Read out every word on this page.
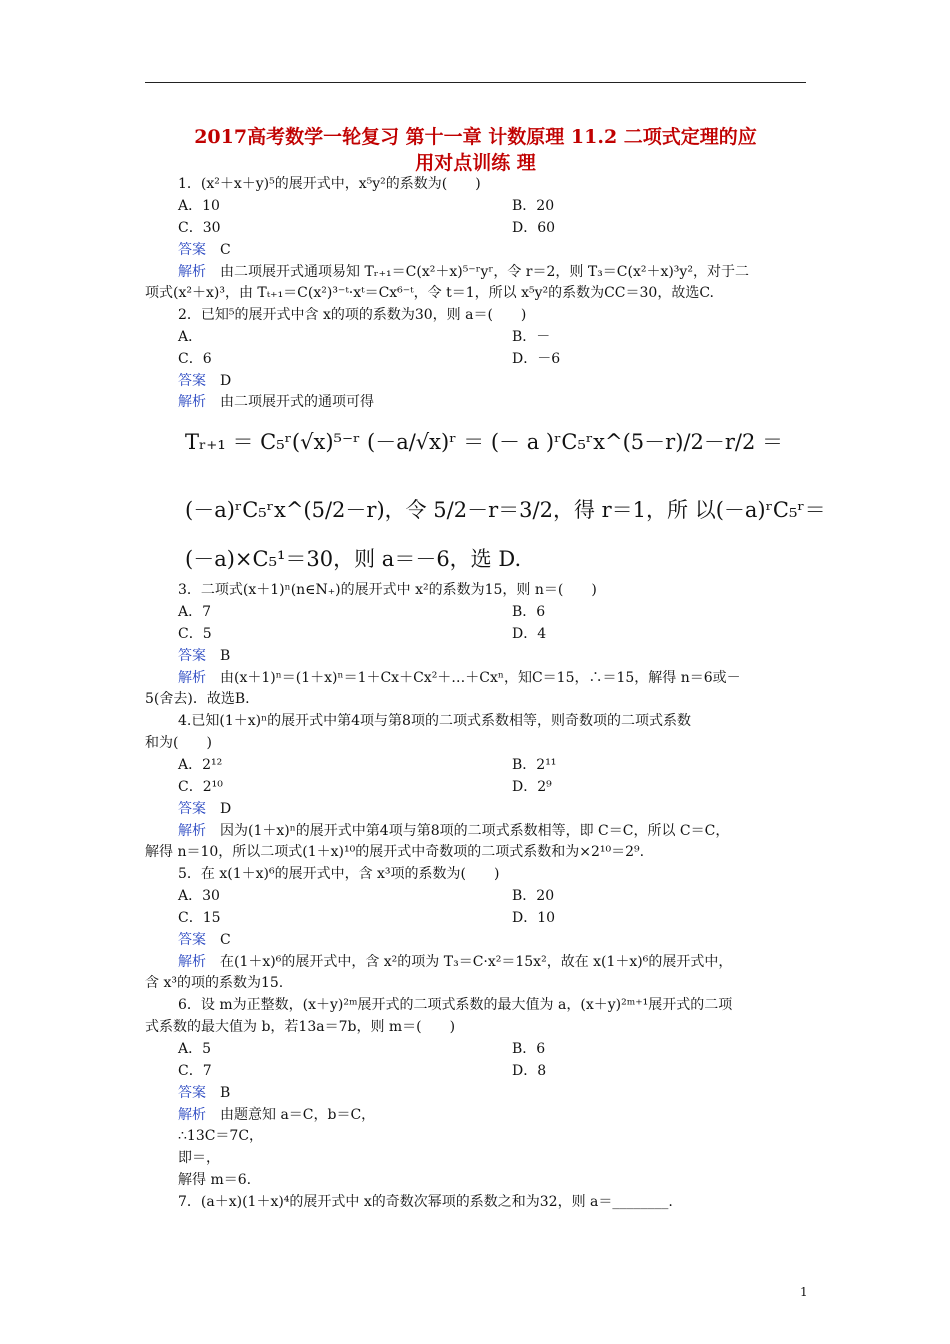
2017高考数学一轮复习 第十一章 计数原理 11.2 二项式定理的应
用对点训练 理
1．(x²＋x＋y)⁵的展开式中，x⁵y²的系数为(　　)
A．10	B．20
C．30	D．60
答案　 C
解析　 由二项展开式通项易知 Tᵣ₊₁＝C(x²＋x)⁵⁻ʳyʳ，令 r＝2，则 T₃＝C(x²＋x)³y²，对于二
项式(x²＋x)³，由 Tₜ₊₁＝C(x²)³⁻ᵗ·xᵗ＝Cx⁶⁻ᵗ，令 t＝1，所以 x⁵y²的系数为CC＝30，故选C.
2．已知⁵的展开式中含 x的项的系数为30，则 a＝(　　)
A．	B．－
C．6	D．－6
答案　 D
解析　 由二项展开式的通项可得
Tᵣ₊₁ ＝ C₅ʳ(√x)⁵⁻ʳ (－a/√x)ʳ ＝ (－ a )ʳC₅ʳx^(5－r)/2－r/2 ＝
(－a)ʳC₅ʳx^(5/2－r)，令 5/2－r＝3/2，得 r＝1，所 以(－a)ʳC₅ʳ＝
(－a)×C₅¹＝30，则 a＝－6，选 D.
3．二项式(x＋1)ⁿ(n∈N₊)的展开式中 x²的系数为15，则 n＝(　　)
A．7	B．6
C．5	D．4
答案　 B
解析　 由(x＋1)ⁿ＝(1＋x)ⁿ＝1＋Cx＋Cx²＋…＋Cxⁿ，知C＝15，∴＝15，解得 n＝6或－
5(舍去)．故选B.
4.已知(1＋x)ⁿ的展开式中第4项与第8项的二项式系数相等，则奇数项的二项式系数
和为(　　)
A．2¹²	B．2¹¹
C．2¹⁰	D．2⁹
答案　 D
解析　 因为(1＋x)ⁿ的展开式中第4项与第8项的二项式系数相等，即 C＝C，所以 C＝C，
解得 n＝10，所以二项式(1＋x)¹⁰的展开式中奇数项的二项式系数和为×2¹⁰＝2⁹.
5．在 x(1＋x)⁶的展开式中，含 x³项的系数为(　　)
A．30	B．20
C．15	D．10
答案　 C
解析　 在(1＋x)⁶的展开式中，含 x²的项为 T₃＝C·x²＝15x²，故在 x(1＋x)⁶的展开式中，
含 x³的项的系数为15.
6．设 m为正整数，(x＋y)²ᵐ展开式的二项式系数的最大值为 a，(x＋y)²ᵐ⁺¹展开式的二项
式系数的最大值为 b，若13a＝7b，则 m＝(　　)
A．5	B．6
C．7	D．8
答案　 B
解析　 由题意知 a＝C，b＝C，
∴13C＝7C，
即＝，
解得 m＝6.
7．(a＋x)(1＋x)⁴的展开式中 x的奇数次幂项的系数之和为32，则 a＝________.
1
